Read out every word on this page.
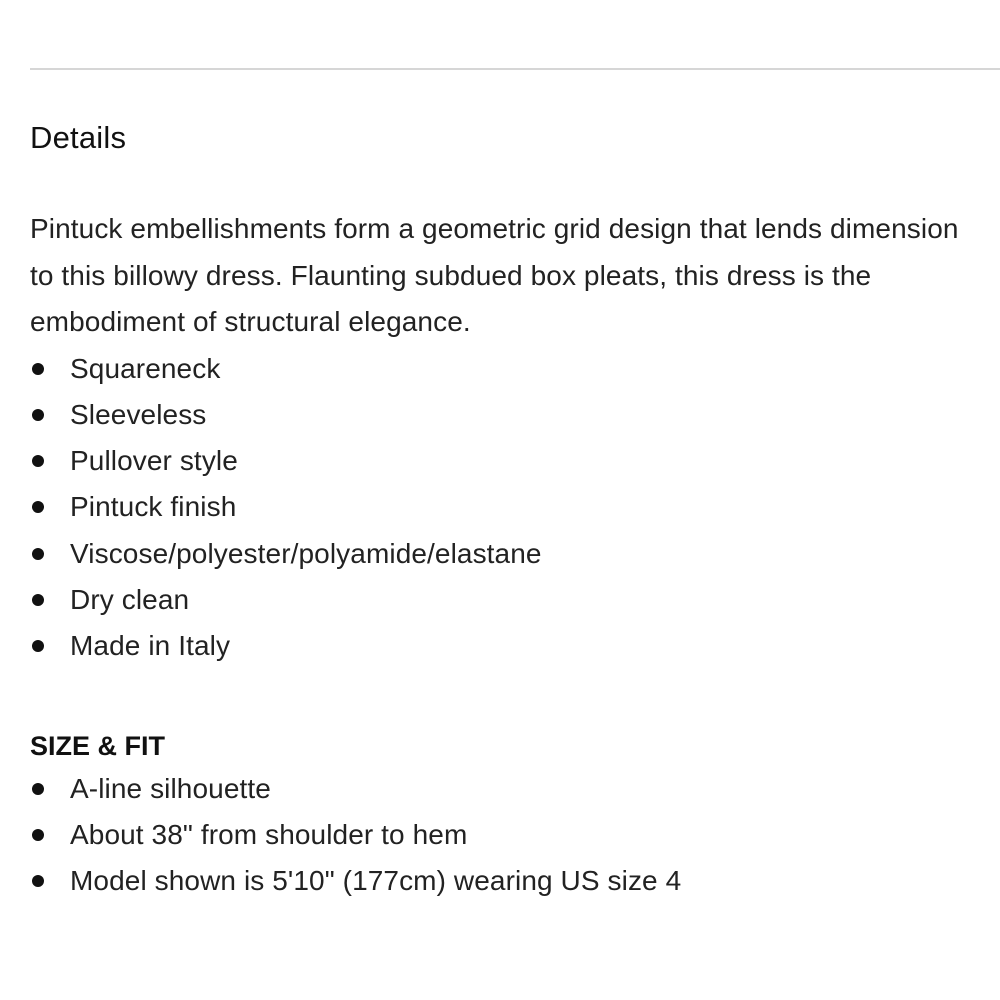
Details

Pintuck embellishments form a geometric grid design that lends dimension to this billowy dress. Flaunting subdued box pleats, this dress is the embodiment of structural elegance.

Squareneck
Sleeveless
Pullover style
Pintuck finish
Viscose/polyester/polyamide/elastane
Dry clean
Made in Italy
SIZE & FIT
A-line silhouette
About 38" from shoulder to hem
Model shown is 5'10" (177cm) wearing US size 4
